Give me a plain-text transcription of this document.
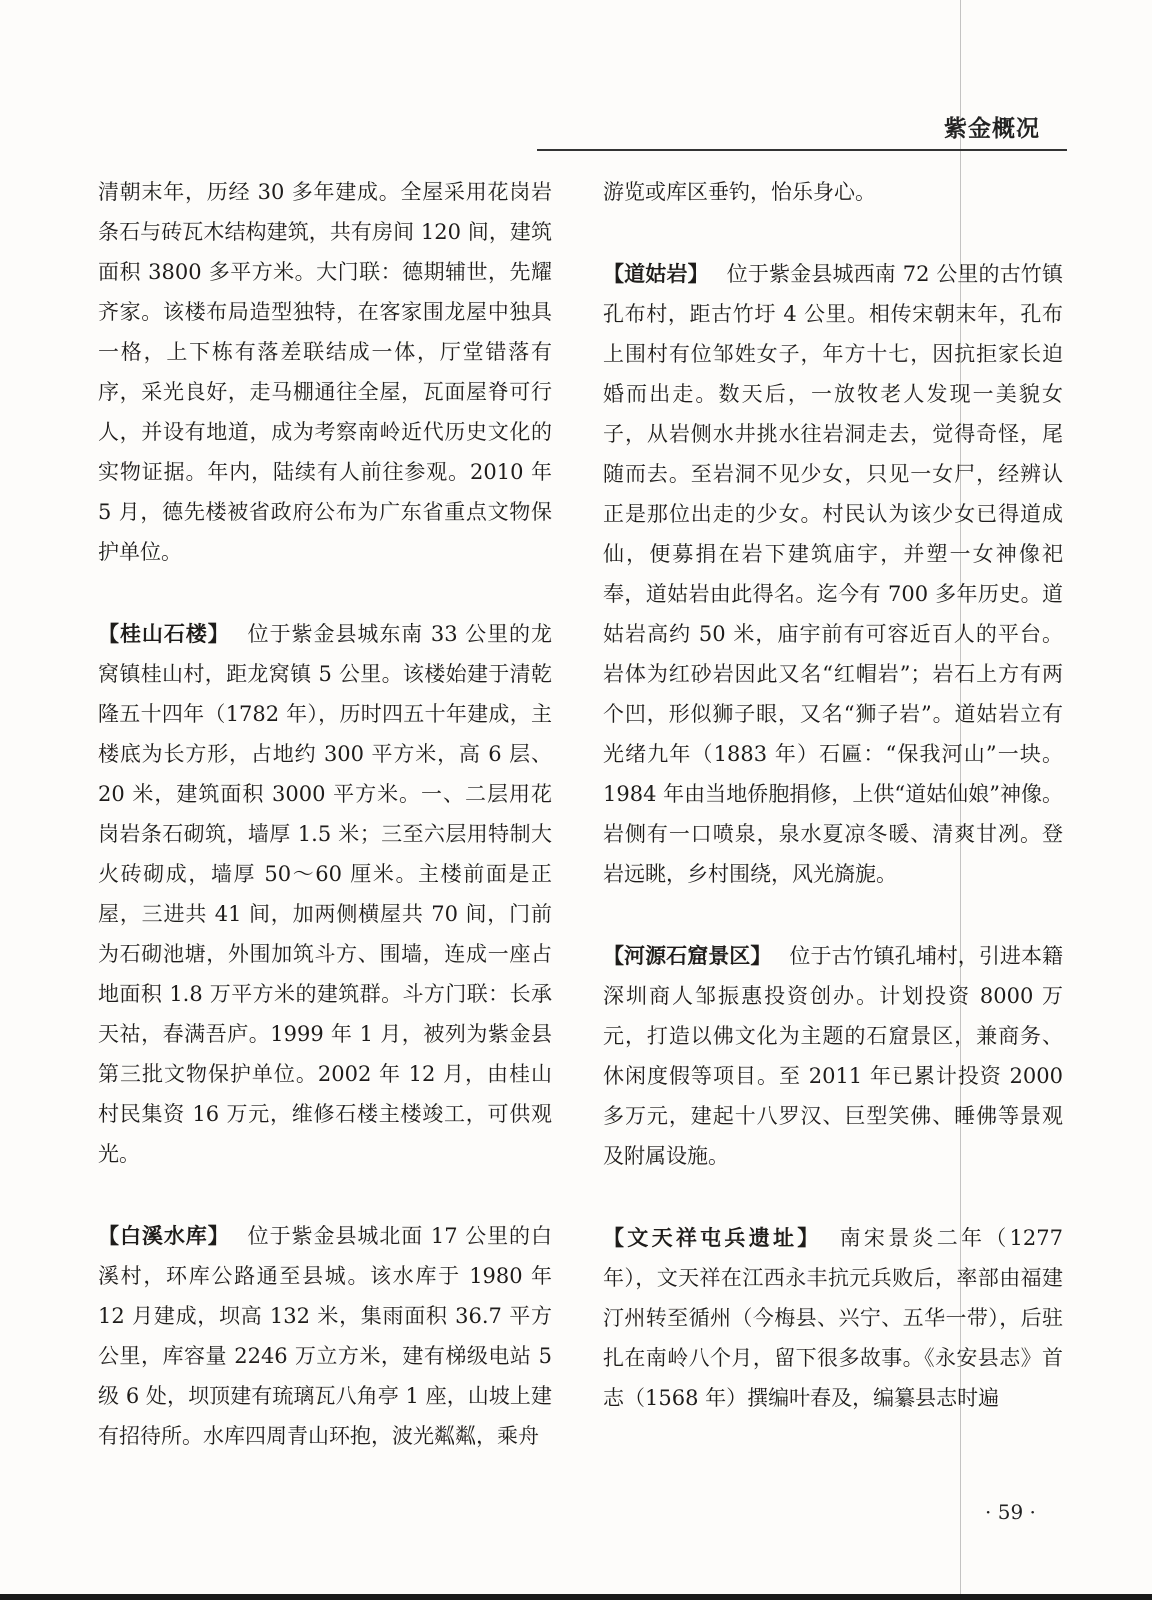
紫金概况

清朝末年，历经 30 多年建成。全屋采用花岗岩条石与砖瓦木结构建筑，共有房间 120 间，建筑面积 3800 多平方米。大门联：德期辅世，先耀齐家。该楼布局造型独特，在客家围龙屋中独具一格，上下栋有落差联结成一体，厅堂错落有序，采光良好，走马棚通往全屋，瓦面屋脊可行人，并设有地道，成为考察南岭近代历史文化的实物证据。年内，陆续有人前往参观。2010 年 5 月，德先楼被省政府公布为广东省重点文物保护单位。

【桂山石楼】 位于紫金县城东南 33 公里的龙窝镇桂山村，距龙窝镇 5 公里。该楼始建于清乾隆五十四年（1782 年），历时四五十年建成，主楼底为长方形，占地约 300 平方米，高 6 层、20 米，建筑面积 3000 平方米。一、二层用花岗岩条石砌筑，墙厚 1.5 米；三至六层用特制大火砖砌成，墙厚 50～60 厘米。主楼前面是正屋，三进共 41 间，加两侧横屋共 70 间，门前为石砌池塘，外围加筑斗方、围墙，连成一座占地面积 1.8 万平方米的建筑群。斗方门联：长承天祜，春满吾庐。1999 年 1 月，被列为紫金县第三批文物保护单位。2002 年 12 月，由桂山村民集资 16 万元，维修石楼主楼竣工，可供观光。

【白溪水库】 位于紫金县城北面 17 公里的白溪村，环库公路通至县城。该水库于 1980 年 12 月建成，坝高 132 米，集雨面积 36.7 平方公里，库容量 2246 万立方米，建有梯级电站 5 级 6 处，坝顶建有琉璃瓦八角亭 1 座，山坡上建有招待所。水库四周青山环抱，波光粼粼，乘舟

游览或库区垂钓，怡乐身心。

【道姑岩】 位于紫金县城西南 72 公里的古竹镇孔布村，距古竹圩 4 公里。相传宋朝末年，孔布上围村有位邹姓女子，年方十七，因抗拒家长迫婚而出走。数天后，一放牧老人发现一美貌女子，从岩侧水井挑水往岩洞走去，觉得奇怪，尾随而去。至岩洞不见少女，只见一女尸，经辨认正是那位出走的少女。村民认为该少女已得道成仙，便募捐在岩下建筑庙宇，并塑一女神像祀奉，道姑岩由此得名。迄今有 700 多年历史。道姑岩高约 50 米，庙宇前有可容近百人的平台。岩体为红砂岩因此又名“红帽岩”；岩石上方有两个凹，形似狮子眼，又名“狮子岩”。道姑岩立有光绪九年（1883 年）石匾：“保我河山”一块。1984 年由当地侨胞捐修，上供“道姑仙娘”神像。岩侧有一口喷泉，泉水夏凉冬暖、清爽甘冽。登岩远眺，乡村围绕，风光旖旎。

【河源石窟景区】 位于古竹镇孔埔村，引进本籍深圳商人邹振惠投资创办。计划投资 8000 万元，打造以佛文化为主题的石窟景区，兼商务、休闲度假等项目。至 2011 年已累计投资 2000 多万元，建起十八罗汉、巨型笑佛、睡佛等景观及附属设施。

【文天祥屯兵遗址】 南宋景炎二年（1277 年），文天祥在江西永丰抗元兵败后，率部由福建汀州转至循州（今梅县、兴宁、五华一带），后驻扎在南岭八个月，留下很多故事。《永安县志》首志（1568 年）撰编叶春及，编纂县志时遍

· 59 ·
